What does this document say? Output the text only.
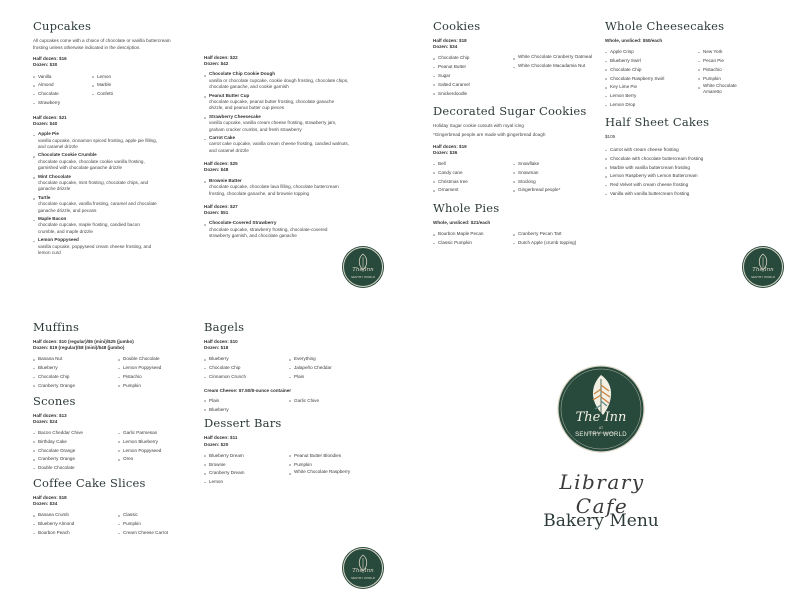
Cupcakes

All cupcakes come with a choice of chocolate or vanilla buttercream frosting unless otherwise indicated in the description.

Half dozen: $16
Dozen: $30
Vanilla	Lemon
Almond	Marble
Chocolate	Confetti
Strawberry
Half dozen: $21
Dozen: $40
Apple Pie
vanilla cupcake, cinnamon spiced frosting, apple pie filling, and caramel drizzle
Chocolate Cookie Crumble
chocolate cupcake, chocolate cookie vanilla frosting, garnished with chocolate ganache drizzle
Mint Chocolate
chocolate cupcake, mint frosting, chocolate chips, and ganache drizzle
Turtle
chocolate cupcake, vanilla frosting, caramel and chocolate ganache drizzle, and pecans
Maple Bacon
chocolate cupcake, maple frosting, candied bacon crumble, and maple drizzle
Lemon Poppyseed
vanilla cupcake, poppyseed cream cheese frosting, and lemon curd
Half dozen: $22
Dozen: $42
Chocolate Chip Cookie Dough
vanilla or chocolate cupcake, cookie dough frosting, chocolate chips, chocolate ganache, and cookie garnish
Peanut Butter Cup
chocolate cupcake, peanut butter frosting, chocolate ganache drizzle, and peanut butter cup pieces
Strawberry Cheesecake
vanilla cupcake, vanilla cream cheese frosting, strawberry jam, graham cracker crumbs, and fresh strawberry
Carrot Cake
carrot cake cupcake, vanilla cream cheese frosting, candied walnuts, and caramel drizzle
Half dozen: $25
Dozen: $48
Brownie Batter
chocolate cupcake, chocolate lava filling, chocolate buttercream frosting, chocolate ganache, and brownie topping
Half dozen: $27
Dozen: $51
Chocolate-Covered Strawberry
chocolate cupcake, strawberry frosting, chocolate-covered strawberry garnish, and chocolate ganache
The Inn
SENTRY WORLD
Cookies
Half dozen: $18
Dozen: $34
Chocolate Chip	White Chocolate Cranberry Oatmeal
Peanut Butter	White Chocolate Macadamia Nut
Sugar
Salted Caramel
Snickerdoodle
Decorated Sugar Cookies
Holiday Sugar cookie cutouts with royal icing
*Gingerbread people are made with gingerbread dough
Half dozen: $19
Dozen: $36
Bell	Snowflake
Candy cane	Snowman
Christmas tree	Stocking
Ornament	Gingerbread people*
Whole Pies
Whole, unsliced: $21/each
Bourbon Maple Pecan	Cranberry Pecan Tart
Classic Pumpkin	Dutch Apple (crumb topping)
Whole Cheesecakes
Whole, unsliced: $50/each
Apple Crisp
Blueberry Swirl
Chocolate Chip
Chocolate Raspberry Swirl
Key Lime Pie
Lemon Berry
Lemon Drop
New York
Pecan Pie
Pistachio
Pumpkin
White Chocolate Amaretto
Half Sheet Cakes
$105
Carrot with cream cheese frosting
Chocolate with chocolate buttercream frosting
Marble with vanilla buttercream frosting
Lemon Raspberry with Lemon Buttercream
Red Velvet with cream cheese frosting
Vanilla with vanilla buttercream frosting
The Inn
SENTRY WORLD
Muffins
Half dozen: $10 (regular)/$5 (mini)/$25 (jumbo)
Dozen: $19 (regular)/$8 (mini)/$48 (jumbo)
Banana Nut	Double Chocolate
Blueberry	Lemon Poppyseed
Chocolate Chip	Pistachio
Cranberry Orange	Pumpkin
Scones
Half dozen: $13
Dozen: $24
Bacon Cheddar Chive	Garlic Parmesan
Birthday Cake	Lemon Blueberry
Chocolate Orange	Lemon Poppyseed
Cranberry Orange	Oreo
Double Chocolate
Coffee Cake Slices
Half dozen: $18
Dozen: $34
Banana Crumb	Classic
Blueberry Almond	Pumpkin
Bourbon Peach	Cream Cheese Carrot
Bagels
Half dozen: $10
Dozen: $18
Blueberry	Everything
Chocolate Chip	Jalapeño Cheddar
Cinnamon Crunch	Plain
Cream Cheese: $7.50/8-ounce container
Plain	Garlic Chive
Blueberry
Dessert Bars
Half dozen: $11
Dozen: $20
Blueberry Dream	Peanut Butter Blondies
Brownie	Pumpkin
Cranberry Dream	White Chocolate Raspberry
Lemon
The Inn
SENTRY WORLD
The Inn
AT
SENTRY WORLD
Library Cafe
Bakery Menu
